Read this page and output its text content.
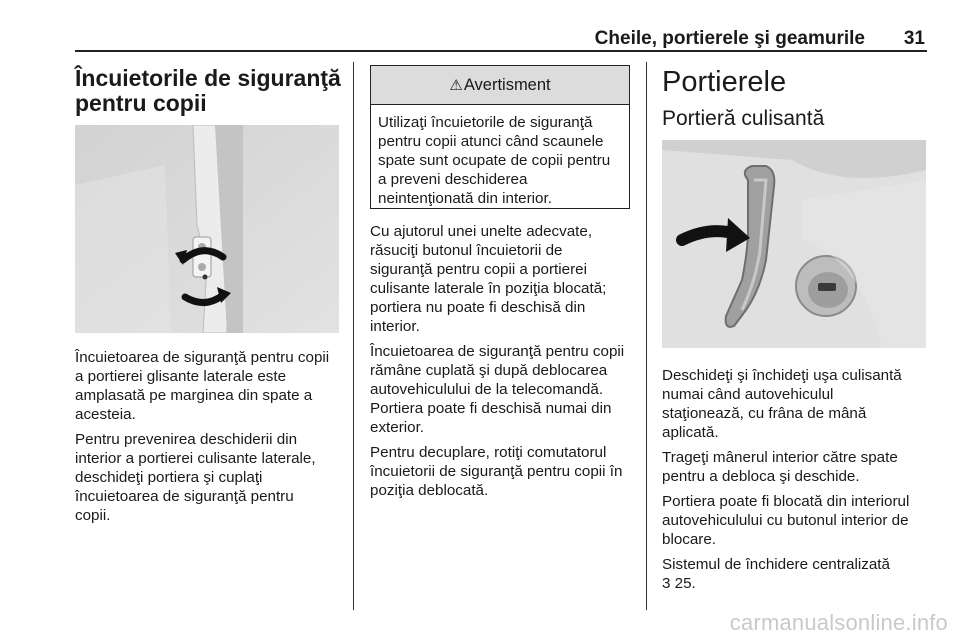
Cheile, portierele şi geamurile 31
Încuietorile de siguranţă
pentru copii

Încuietoarea de siguranţă pentru copii
a portierei glisante laterale este
amplasată pe marginea din spate a
acesteia.

Pentru prevenirea deschiderii din
interior a portierei culisante laterale,
deschideţi portiera şi cuplaţi
încuietoarea de siguranţă pentru
copii.

⚠ Avertisment
Utilizaţi încuietorile de siguranţă
pentru copii atunci când scaunele
spate sunt ocupate de copii pentru
a preveni deschiderea
neintenţionată din interior.

Cu ajutorul unei unelte adecvate,
răsuciţi butonul încuietorii de
siguranţă pentru copii a portierei
culisante laterale în poziţia blocată;
portiera nu poate fi deschisă din
interior.

Încuietoarea de siguranţă pentru copii
rămâne cuplată şi după deblocarea
autovehiculului de la telecomandă.
Portiera poate fi deschisă numai din
exterior.

Pentru decuplare, rotiţi comutatorul
încuietorii de siguranţă pentru copii în
poziţia deblocată.

Portierele
Portieră culisantă

Deschideţi şi închideţi uşa culisantă
numai când autovehiculul
staţionează, cu frâna de mână
aplicată.

Trageţi mânerul interior către spate
pentru a debloca şi deschide.

Portiera poate fi blocată din interiorul
autovehiculului cu butonul interior de
blocare.

Sistemul de închidere centralizată
3 25.

carmanualsonline.info
